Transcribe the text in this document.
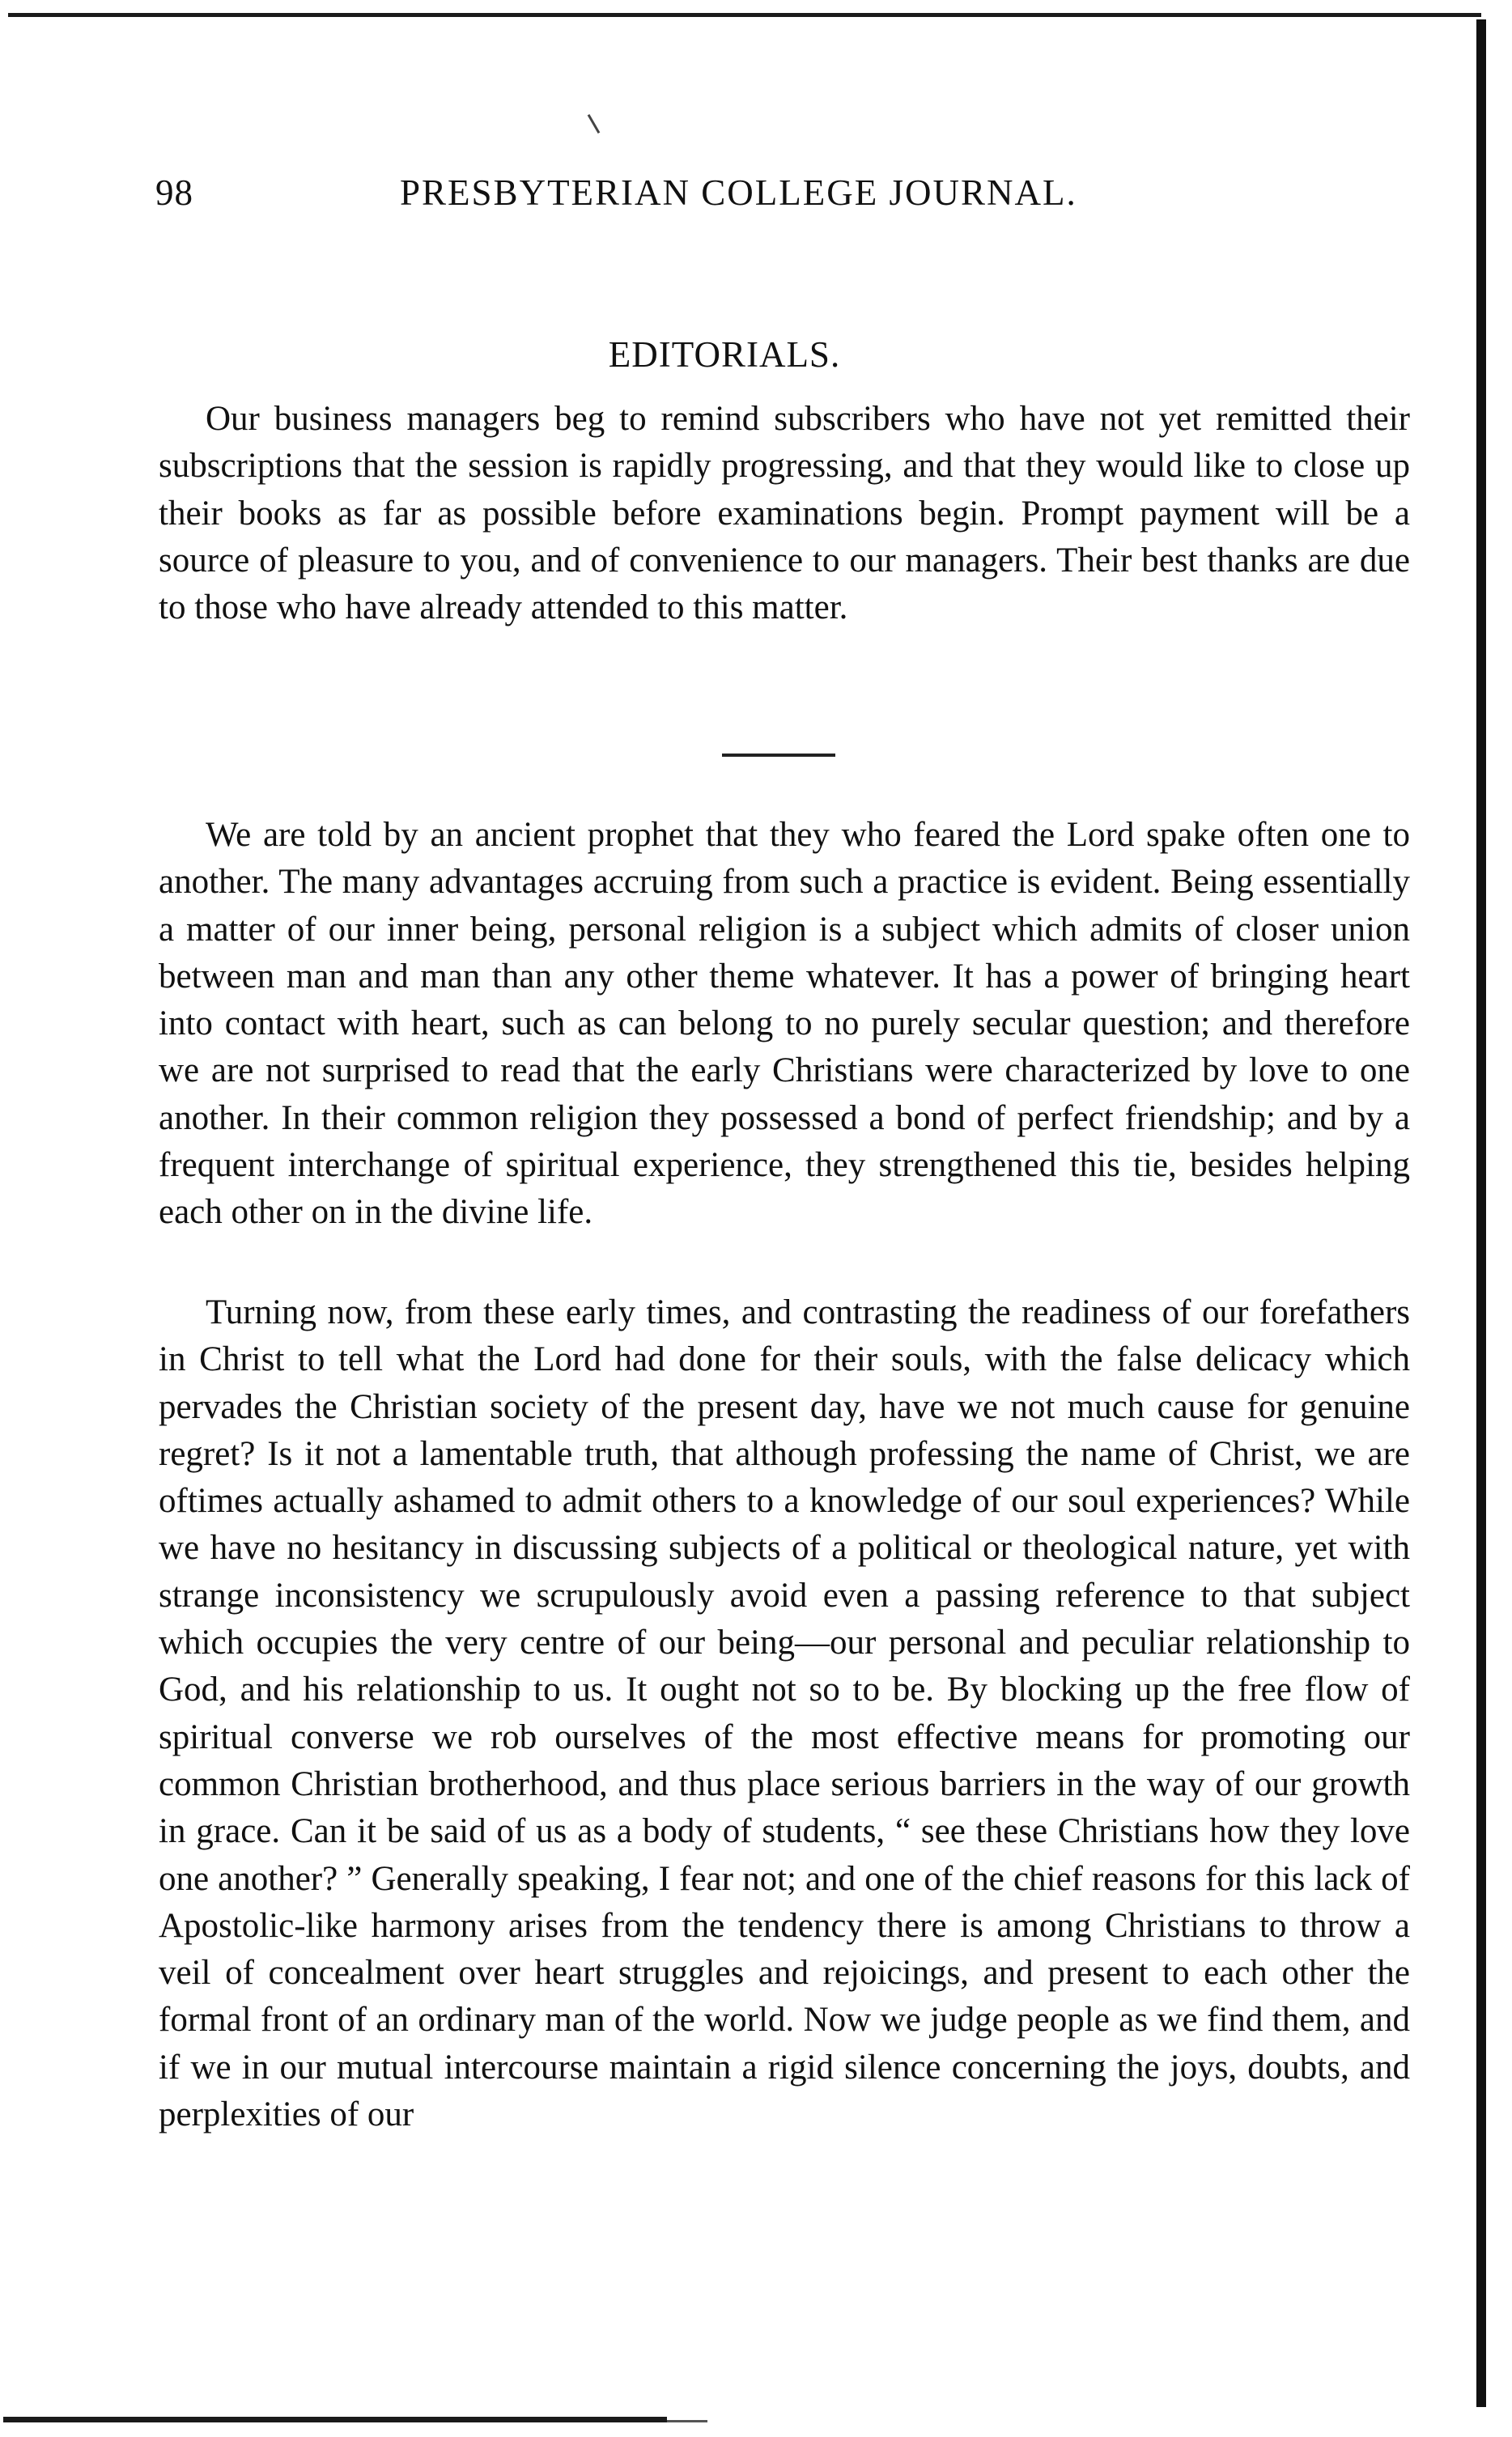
98	PRESBYTERIAN COLLEGE JOURNAL.
EDITORIALS.

Our business managers beg to remind subscribers who have not yet remitted their subscriptions that the session is rapidly progressing, and that they would like to close up their books as far as possible before examinations begin. Prompt payment will be a source of pleasure to you, and of convenience to our managers. Their best thanks are due to those who have already attended to this matter.

We are told by an ancient prophet that they who feared the Lord spake often one to another. The many advantages accruing from such a practice is evident. Being essentially a matter of our inner being, personal religion is a subject which admits of closer union between man and man than any other theme whatever. It has a power of bringing heart into contact with heart, such as can belong to no purely secular question; and therefore we are not surprised to read that the early Christians were characterized by love to one another. In their common religion they possessed a bond of perfect friendship; and by a frequent interchange of spiritual experience, they strengthened this tie, besides helping each other on in the divine life.

Turning now, from these early times, and contrasting the readiness of our forefathers in Christ to tell what the Lord had done for their souls, with the false delicacy which pervades the Christian society of the present day, have we not much cause for genuine regret? Is it not a lamentable truth, that although professing the name of Christ, we are oftimes actually ashamed to admit others to a knowledge of our soul experiences? While we have no hesitancy in discussing subjects of a political or theological nature, yet with strange inconsistency we scrupulously avoid even a passing reference to that subject which occupies the very centre of our being—our personal and peculiar relationship to God, and his relationship to us. It ought not so to be. By blocking up the free flow of spiritual converse we rob ourselves of the most effective means for promoting our common Christian brotherhood, and thus place serious barriers in the way of our growth in grace. Can it be said of us as a body of students, “ see these Christians how they love one another? ” Generally speaking, I fear not; and one of the chief reasons for this lack of Apostolic-like harmony arises from the tendency there is among Christians to throw a veil of concealment over heart struggles and rejoicings, and present to each other the formal front of an ordinary man of the world. Now we judge people as we find them, and if we in our mutual intercourse maintain a rigid silence concerning the joys, doubts, and perplexities of our
